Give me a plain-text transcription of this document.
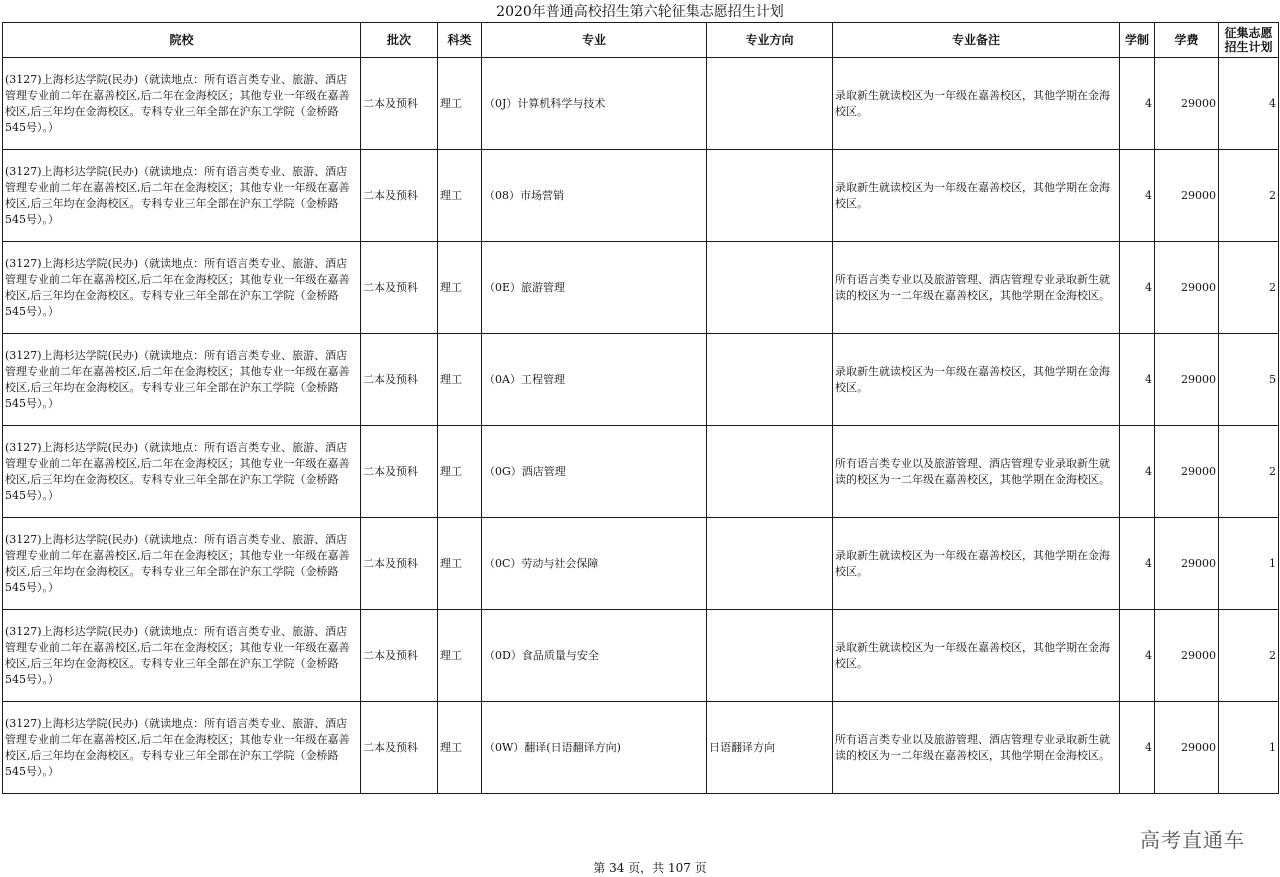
2020年普通高校招生第六轮征集志愿招生计划
院校	批次	科类	专业	专业方向	专业备注	学制	学费	征集志愿招生计划
(3127)上海杉达学院(民办)（就读地点：所有语言类专业、旅游、酒店管理专业前二年在嘉善校区,后二年在金海校区；其他专业一年级在嘉善校区,后三年均在金海校区。专科专业三年全部在沪东工学院（金桥路545号）。）	二本及预科	理工	（0J）计算机科学与技术		录取新生就读校区为一年级在嘉善校区，其他学期在金海校区。	4	29000	4
(3127)上海杉达学院(民办)（就读地点：所有语言类专业、旅游、酒店管理专业前二年在嘉善校区,后二年在金海校区；其他专业一年级在嘉善校区,后三年均在金海校区。专科专业三年全部在沪东工学院（金桥路545号）。）	二本及预科	理工	（08）市场营销		录取新生就读校区为一年级在嘉善校区，其他学期在金海校区。	4	29000	2
(3127)上海杉达学院(民办)（就读地点：所有语言类专业、旅游、酒店管理专业前二年在嘉善校区,后二年在金海校区；其他专业一年级在嘉善校区,后三年均在金海校区。专科专业三年全部在沪东工学院（金桥路545号）。）	二本及预科	理工	（0E）旅游管理		所有语言类专业以及旅游管理、酒店管理专业录取新生就读的校区为一二年级在嘉善校区，其他学期在金海校区。	4	29000	2
(3127)上海杉达学院(民办)（就读地点：所有语言类专业、旅游、酒店管理专业前二年在嘉善校区,后二年在金海校区；其他专业一年级在嘉善校区,后三年均在金海校区。专科专业三年全部在沪东工学院（金桥路545号）。）	二本及预科	理工	（0A）工程管理		录取新生就读校区为一年级在嘉善校区，其他学期在金海校区。	4	29000	5
(3127)上海杉达学院(民办)（就读地点：所有语言类专业、旅游、酒店管理专业前二年在嘉善校区,后二年在金海校区；其他专业一年级在嘉善校区,后三年均在金海校区。专科专业三年全部在沪东工学院（金桥路545号）。）	二本及预科	理工	（0G）酒店管理		所有语言类专业以及旅游管理、酒店管理专业录取新生就读的校区为一二年级在嘉善校区，其他学期在金海校区。	4	29000	2
(3127)上海杉达学院(民办)（就读地点：所有语言类专业、旅游、酒店管理专业前二年在嘉善校区,后二年在金海校区；其他专业一年级在嘉善校区,后三年均在金海校区。专科专业三年全部在沪东工学院（金桥路545号）。）	二本及预科	理工	（0C）劳动与社会保障		录取新生就读校区为一年级在嘉善校区，其他学期在金海校区。	4	29000	1
(3127)上海杉达学院(民办)（就读地点：所有语言类专业、旅游、酒店管理专业前二年在嘉善校区,后二年在金海校区；其他专业一年级在嘉善校区,后三年均在金海校区。专科专业三年全部在沪东工学院（金桥路545号）。）	二本及预科	理工	（0D）食品质量与安全		录取新生就读校区为一年级在嘉善校区，其他学期在金海校区。	4	29000	2
(3127)上海杉达学院(民办)（就读地点：所有语言类专业、旅游、酒店管理专业前二年在嘉善校区,后二年在金海校区；其他专业一年级在嘉善校区,后三年均在金海校区。专科专业三年全部在沪东工学院（金桥路545号）。）	二本及预科	理工	（0W）翻译(日语翻译方向)	日语翻译方向	所有语言类专业以及旅游管理、酒店管理专业录取新生就读的校区为一二年级在嘉善校区，其他学期在金海校区。	4	29000	1
高考直通车
第 34 页，共 107 页
